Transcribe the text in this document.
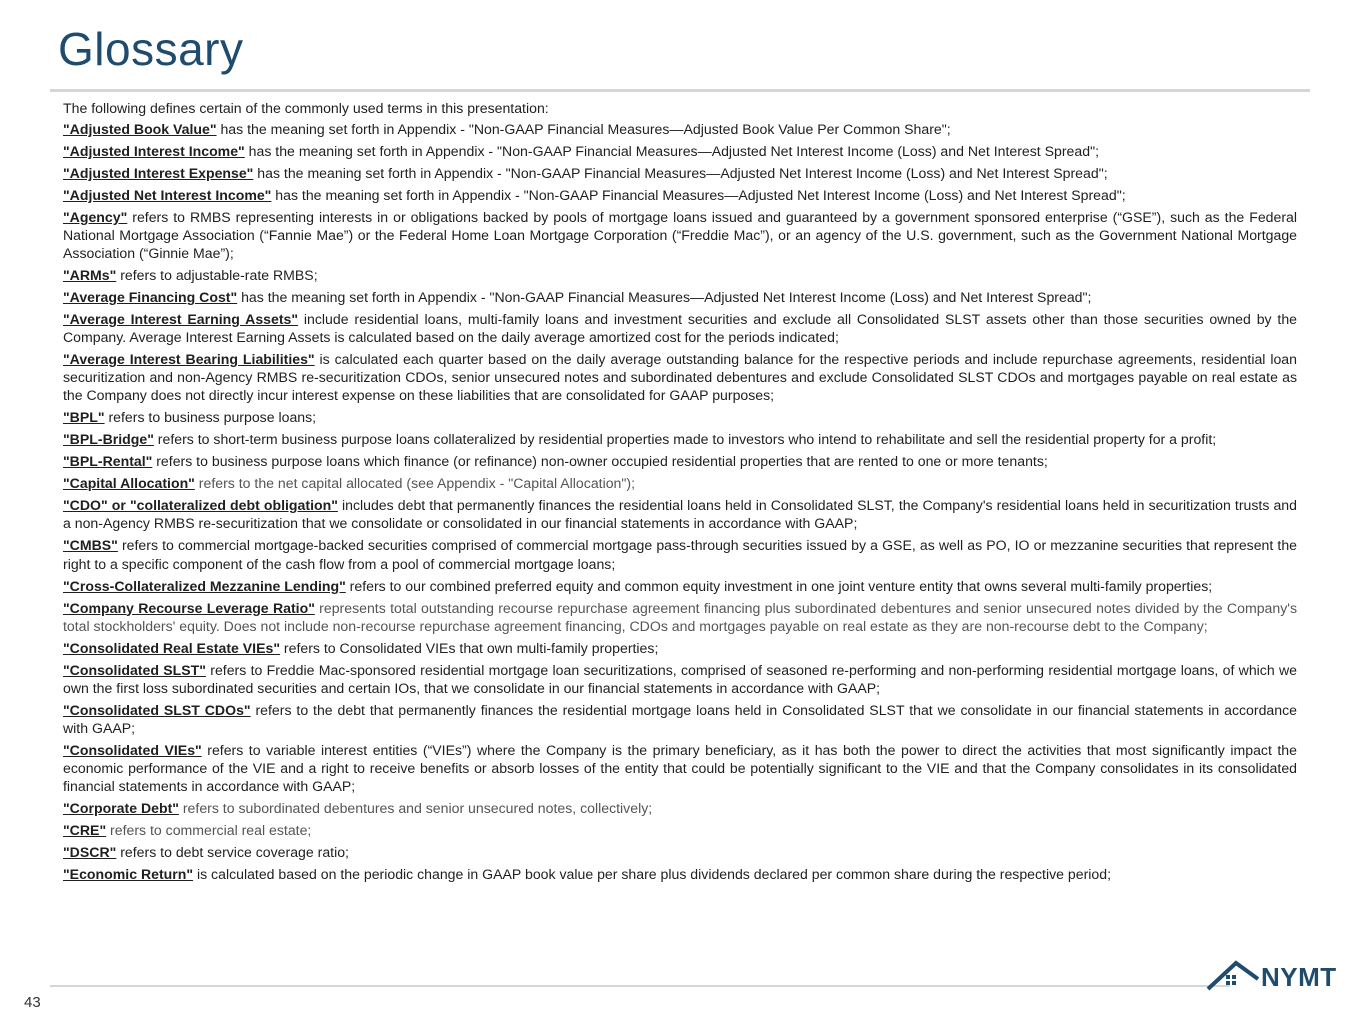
Glossary

The following defines certain of the commonly used terms in this presentation:

"Adjusted Book Value" has the meaning set forth in Appendix - "Non-GAAP Financial Measures—Adjusted Book Value Per Common Share";

"Adjusted Interest Income" has the meaning set forth in Appendix - "Non-GAAP Financial Measures—Adjusted Net Interest Income (Loss) and Net Interest Spread";

"Adjusted Interest Expense" has the meaning set forth in Appendix - "Non-GAAP Financial Measures—Adjusted Net Interest Income (Loss) and Net Interest Spread";

"Adjusted Net Interest Income" has the meaning set forth in Appendix - "Non-GAAP Financial Measures—Adjusted Net Interest Income (Loss) and Net Interest Spread";

"Agency" refers to RMBS representing interests in or obligations backed by pools of mortgage loans issued and guaranteed by a government sponsored enterprise (“GSE”), such as the Federal National Mortgage Association (“Fannie Mae”) or the Federal Home Loan Mortgage Corporation (“Freddie Mac”), or an agency of the U.S. government, such as the Government National Mortgage Association (“Ginnie Mae”);

"ARMs" refers to adjustable-rate RMBS;

"Average Financing Cost" has the meaning set forth in Appendix - "Non-GAAP Financial Measures—Adjusted Net Interest Income (Loss) and Net Interest Spread";

"Average Interest Earning Assets" include residential loans, multi-family loans and investment securities and exclude all Consolidated SLST assets other than those securities owned by the Company. Average Interest Earning Assets is calculated based on the daily average amortized cost for the periods indicated;

"Average Interest Bearing Liabilities" is calculated each quarter based on the daily average outstanding balance for the respective periods and include repurchase agreements, residential loan securitization and non-Agency RMBS re-securitization CDOs, senior unsecured notes and subordinated debentures and exclude Consolidated SLST CDOs and mortgages payable on real estate as the Company does not directly incur interest expense on these liabilities that are consolidated for GAAP purposes;

"BPL" refers to business purpose loans;

"BPL-Bridge" refers to short-term business purpose loans collateralized by residential properties made to investors who intend to rehabilitate and sell the residential property for a profit;

"BPL-Rental" refers to business purpose loans which finance (or refinance) non-owner occupied residential properties that are rented to one or more tenants;

"Capital Allocation" refers to the net capital allocated (see Appendix - "Capital Allocation");

"CDO" or "collateralized debt obligation" includes debt that permanently finances the residential loans held in Consolidated SLST, the Company's residential loans held in securitization trusts and a non-Agency RMBS re-securitization that we consolidate or consolidated in our financial statements in accordance with GAAP;

"CMBS" refers to commercial mortgage-backed securities comprised of commercial mortgage pass-through securities issued by a GSE, as well as PO, IO or mezzanine securities that represent the right to a specific component of the cash flow from a pool of commercial mortgage loans;

"Cross-Collateralized Mezzanine Lending" refers to our combined preferred equity and common equity investment in one joint venture entity that owns several multi-family properties;

"Company Recourse Leverage Ratio" represents total outstanding recourse repurchase agreement financing plus subordinated debentures and senior unsecured notes divided by the Company's total stockholders' equity. Does not include non-recourse repurchase agreement financing, CDOs and mortgages payable on real estate as they are non-recourse debt to the Company;

"Consolidated Real Estate VIEs" refers to Consolidated VIEs that own multi-family properties;

"Consolidated SLST" refers to Freddie Mac-sponsored residential mortgage loan securitizations, comprised of seasoned re-performing and non-performing residential mortgage loans, of which we own the first loss subordinated securities and certain IOs, that we consolidate in our financial statements in accordance with GAAP;

"Consolidated SLST CDOs" refers to the debt that permanently finances the residential mortgage loans held in Consolidated SLST that we consolidate in our financial statements in accordance with GAAP;

"Consolidated VIEs" refers to variable interest entities (“VIEs”) where the Company is the primary beneficiary, as it has both the power to direct the activities that most significantly impact the economic performance of the VIE and a right to receive benefits or absorb losses of the entity that could be potentially significant to the VIE and that the Company consolidates in its consolidated financial statements in accordance with GAAP;

"Corporate Debt" refers to subordinated debentures and senior unsecured notes, collectively;

"CRE" refers to commercial real estate;

"DSCR" refers to debt service coverage ratio;

"Economic Return" is calculated based on the periodic change in GAAP book value per share plus dividends declared per common share during the respective period;

43
NYMT
